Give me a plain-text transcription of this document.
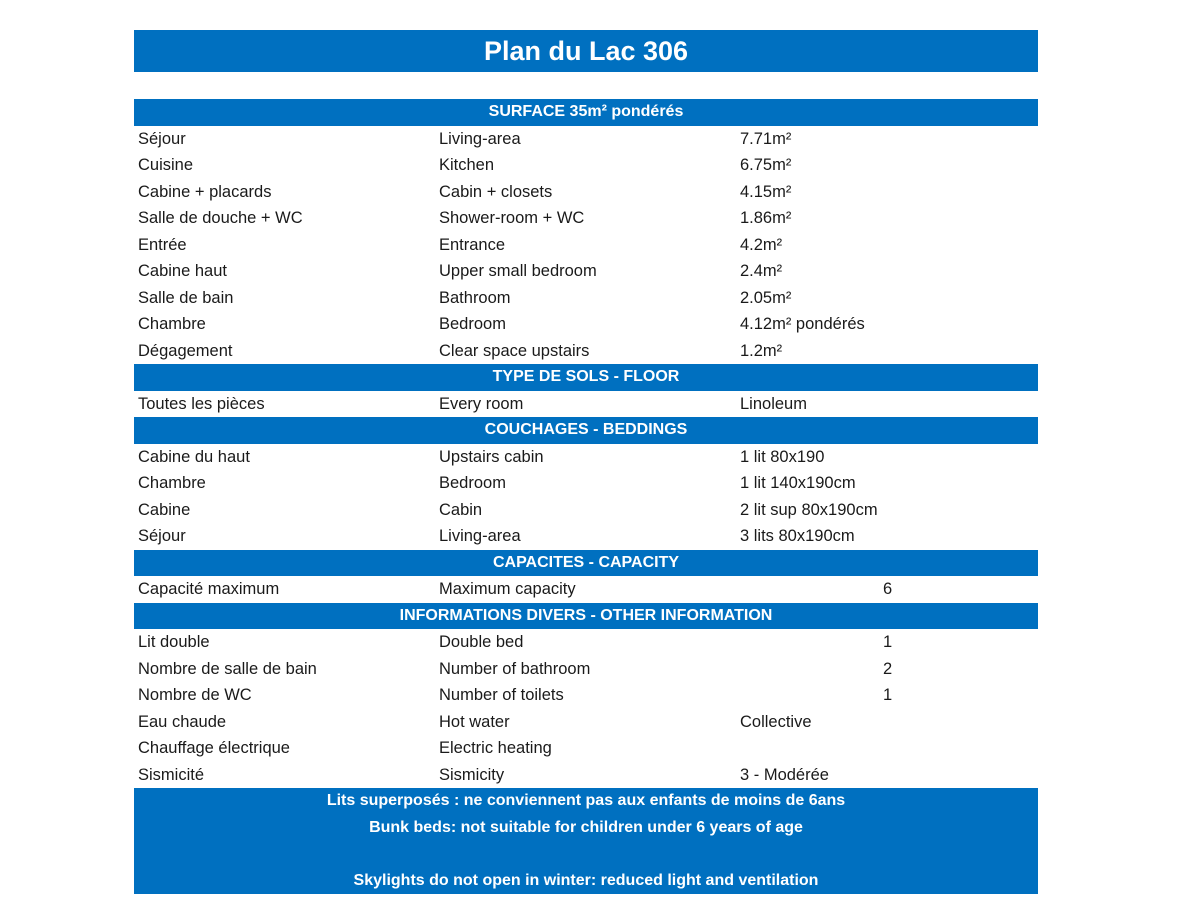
Plan du Lac 306
SURFACE 35m² pondérés
Séjour	Living-area	7.71m²
Cuisine	Kitchen	6.75m²
Cabine + placards	Cabin + closets	4.15m²
Salle de douche + WC	Shower-room + WC	1.86m²
Entrée	Entrance	4.2m²
Cabine haut	Upper small bedroom	2.4m²
Salle de bain	Bathroom	2.05m²
Chambre	Bedroom	4.12m² pondérés
Dégagement	Clear space upstairs	1.2m²
TYPE DE SOLS - FLOOR
Toutes les pièces	Every room	Linoleum
COUCHAGES - BEDDINGS
Cabine du haut	Upstairs cabin	1 lit 80x190
Chambre	Bedroom	1 lit 140x190cm
Cabine	Cabin	2 lit sup 80x190cm
Séjour	Living-area	3 lits 80x190cm
CAPACITES - CAPACITY
Capacité maximum	Maximum capacity	6
INFORMATIONS DIVERS - OTHER INFORMATION
Lit double	Double bed	1
Nombre de salle de bain	Number of bathroom	2
Nombre de WC	Number of toilets	1
Eau chaude	Hot water	Collective
Chauffage électrique	Electric heating
Sismicité	Sismicity	3 - Modérée
Lits superposés : ne conviennent pas aux enfants de moins de 6ans
Bunk beds: not suitable for children under 6 years of age
Skylights do not open in winter: reduced light and ventilation
